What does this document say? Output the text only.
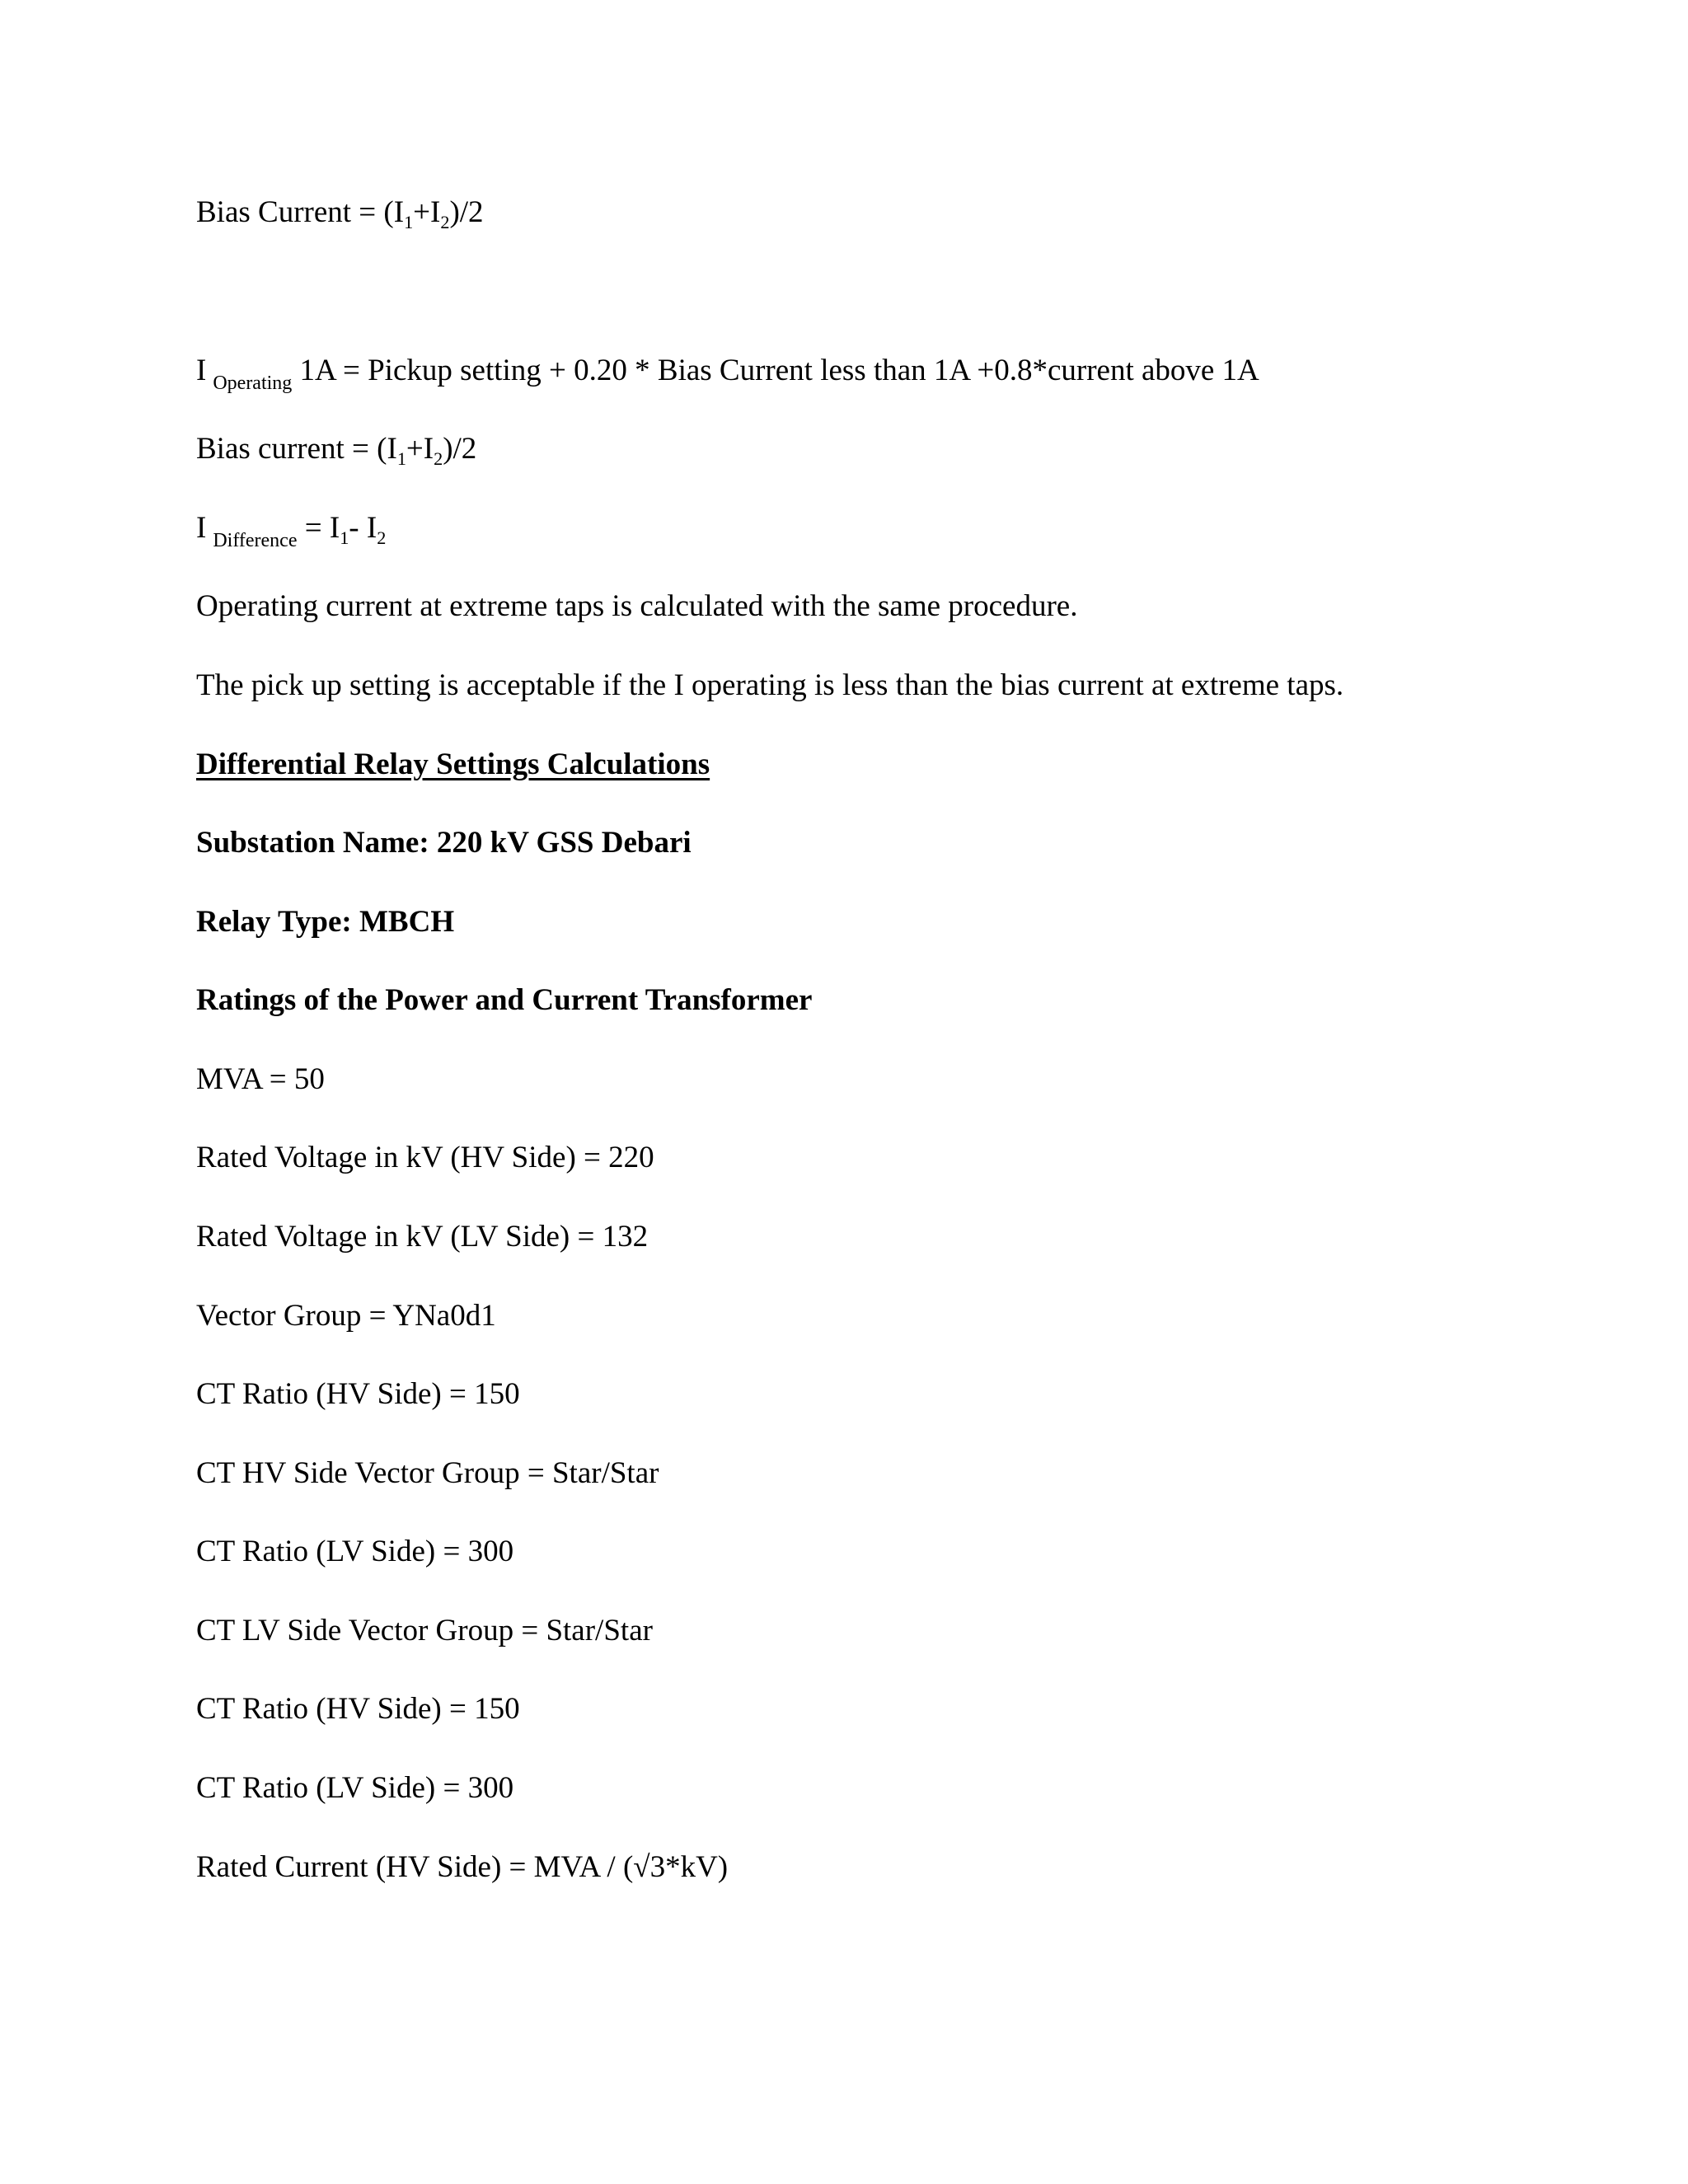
Bias Current = $(I_1+I_2)/2$
I $_{Operating}$ 1A = Pickup setting + 0.20 * Bias Current less than 1A +0.8*current above 1A
Bias current = $(I_1+I_2)/2$
I $_{Difference} = I_1-$ $I_2$
Operating current at extreme taps is calculated with the same procedure.
The pick up setting is acceptable if the I operating is less than the bias current at extreme taps.
Differential Relay Settings Calculations
Substation Name: 220 kV GSS Debari
Relay Type: MBCH
Ratings of the Power and Current Transformer
MVA = 50
Rated Voltage in kV (HV Side) = 220
Rated Voltage in kV (LV Side) = 132
Vector Group = YNa0d1
CT Ratio (HV Side) = 150
CT HV Side Vector Group = Star/Star
CT Ratio (LV Side) = 300
CT LV Side Vector Group = Star/Star
CT Ratio (HV Side) = 150
CT Ratio (LV Side) = 300
Rated Current (HV Side) = MVA / (√3*kV)
